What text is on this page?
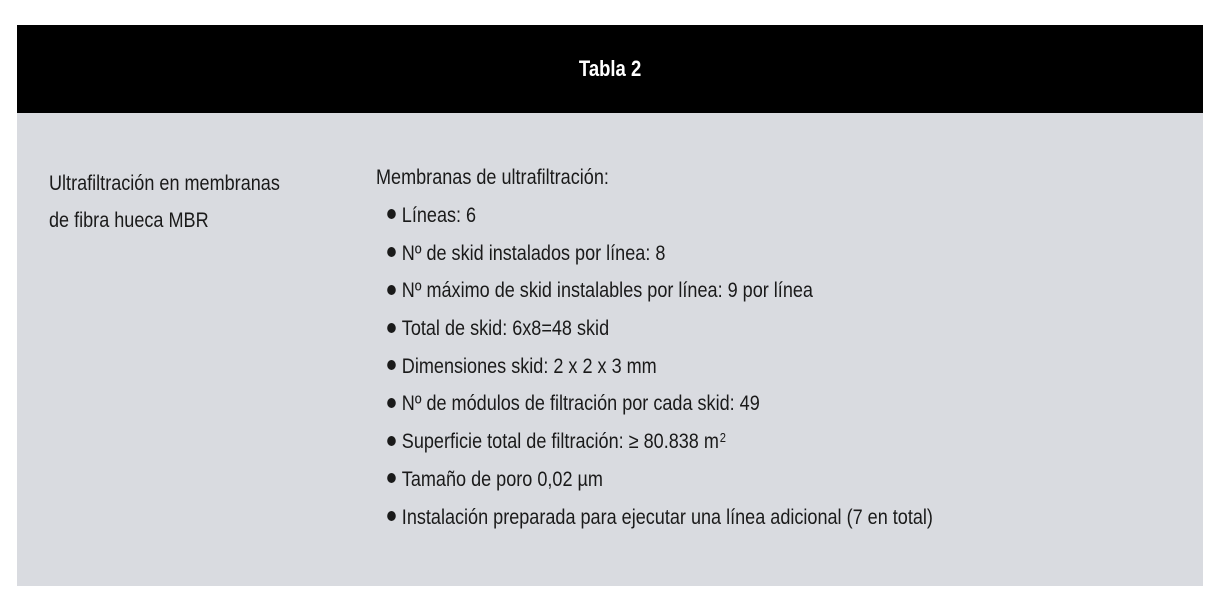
Tabla 2
Ultrafiltración en membranas
de fibra hueca MBR
Membranas de ultrafiltración:
Líneas: 6
Nº de skid instalados por línea: 8
Nº máximo de skid instalables por línea: 9 por línea
Total de skid: 6x8=48 skid
Dimensiones skid: 2 x 2 x 3 mm
Nº de módulos de filtración por cada skid: 49
Superficie total de filtración: ≥ 80.838 $m^2$
Tamaño de poro 0,02 µm
Instalación preparada para ejecutar una línea adicional (7 en total)
